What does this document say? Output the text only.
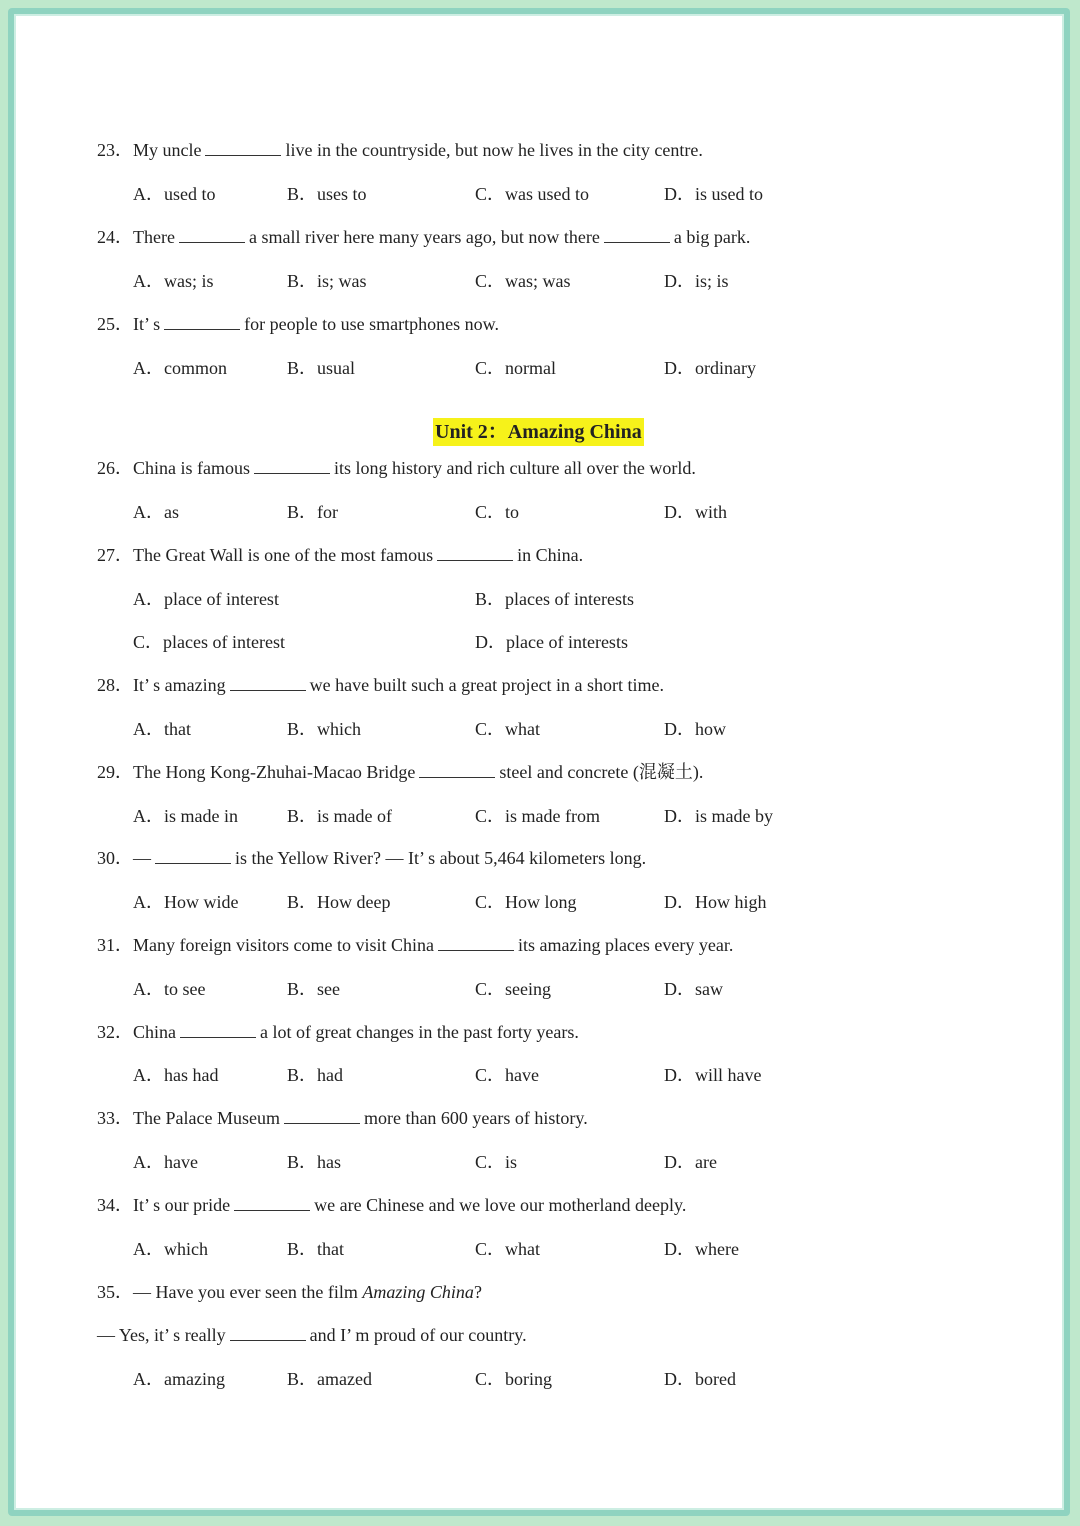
23．My uncle	live in the countryside, but now he lives in the city centre.
A．used to	B．uses to	C．was used to	D．is used to
24．There	a small river here many years ago, but now there	a big park.
A．was; is	B．is; was	C．was; was	D．is; is
25．It’ s	for people to use smartphones now.
A．common	B．usual	C．normal	D．ordinary
Unit 2：Amazing China
26．China is famous	its long history and rich culture all over the world.
A．as	B．for	C．to	D．with
27．The Great Wall is one of the most famous	in China.
A．place of interest	B．places of interests
C．places of interest	D．place of interests
28．It’ s amazing	we have built such a great project in a short time.
A．that	B．which	C．what	D．how
29．The Hong Kong-Zhuhai-Macao Bridge	steel and concrete (混凝土).
A．is made in	B．is made of	C．is made from	D．is made by
30．—	is the Yellow River? — It’ s about 5,464 kilometers long.
A．How wide	B．How deep	C．How long	D．How high
31．Many foreign visitors come to visit China	its amazing places every year.
A．to see	B．see	C．seeing	D．saw
32．China	a lot of great changes in the past forty years.
A．has had	B．had	C．have	D．will have
33．The Palace Museum	more than 600 years of history.
A．have	B．has	C．is	D．are
34．It’ s our pride	we are Chinese and we love our motherland deeply.
A．which	B．that	C．what	D．where
35．— Have you ever seen the film Amazing China?
— Yes, it’ s really	and I’ m proud of our country.
A．amazing	B．amazed	C．boring	D．bored
